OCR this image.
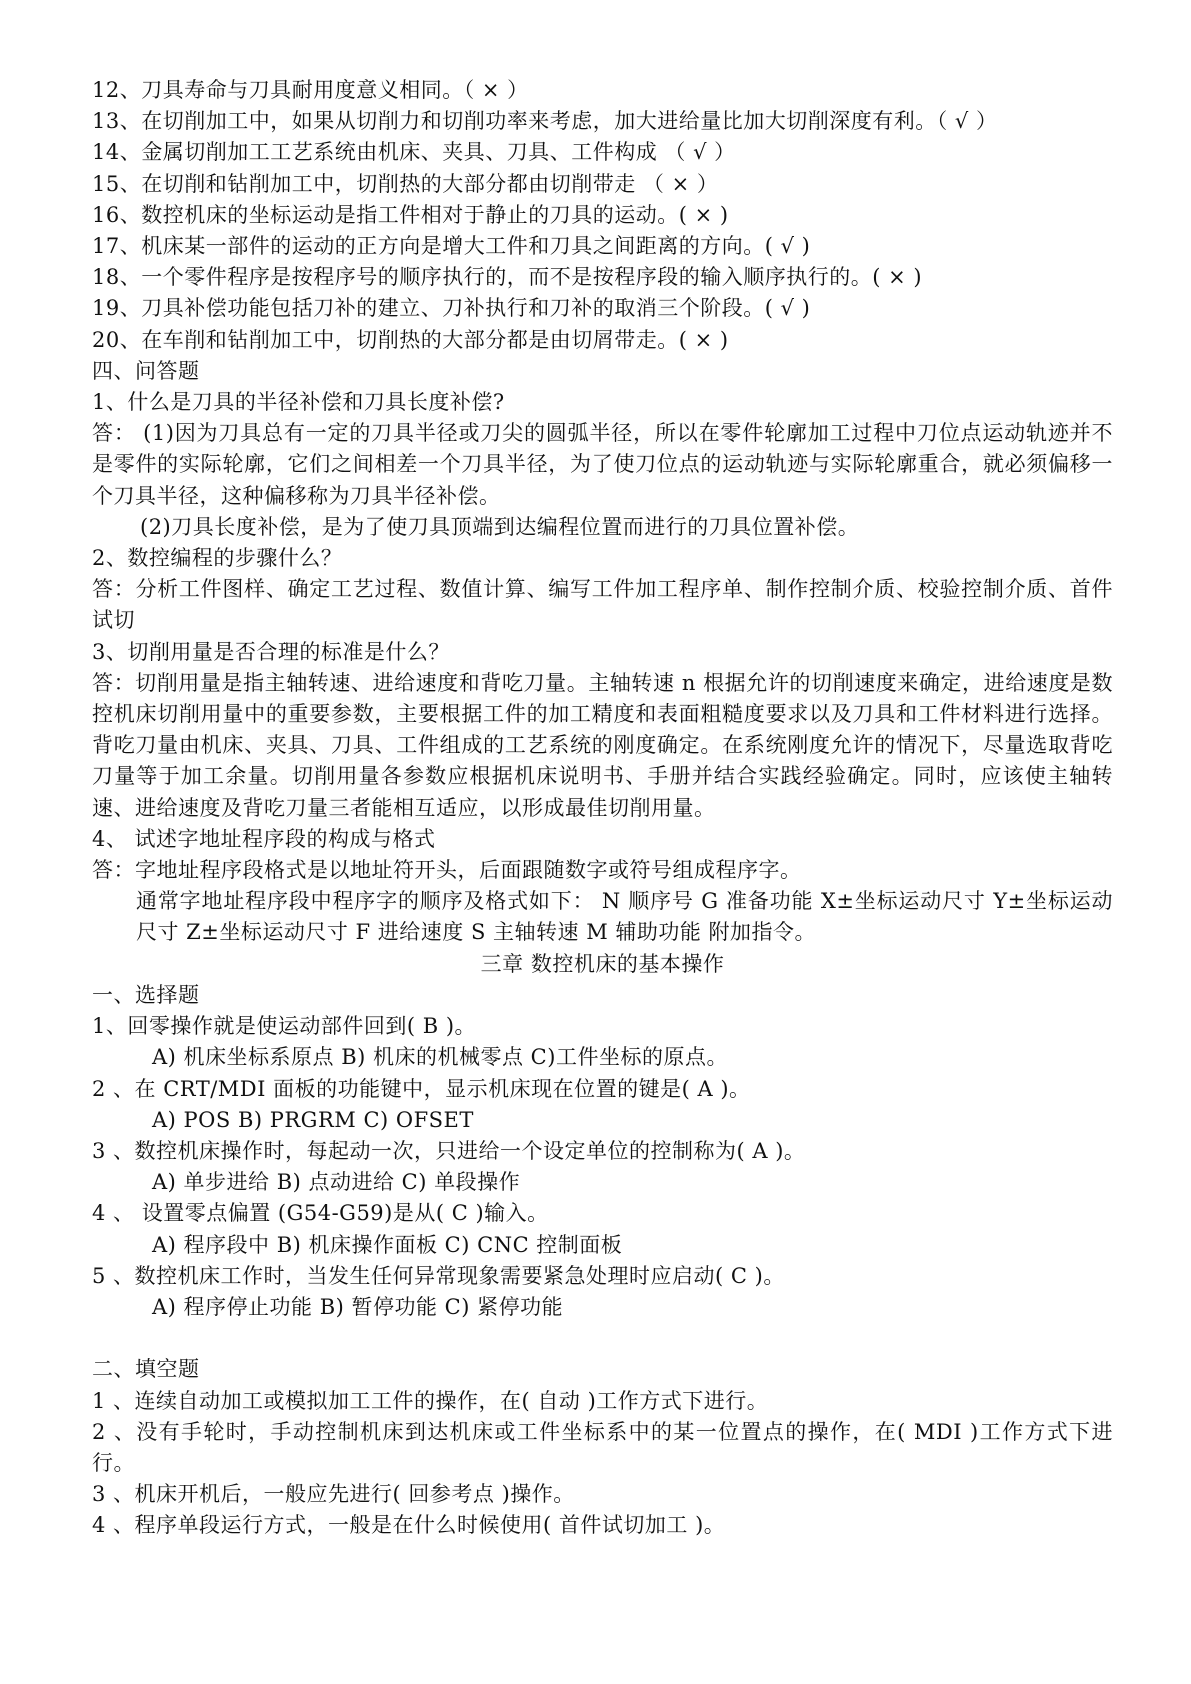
12、刀具寿命与刀具耐用度意义相同。（ × ）
13、在切削加工中，如果从切削力和切削功率来考虑，加大进给量比加大切削深度有利。（ √ ）
14、金属切削加工工艺系统由机床、夹具、刀具、工件构成 （ √ ）
15、在切削和钻削加工中，切削热的大部分都由切削带走 （ × ）
16、数控机床的坐标运动是指工件相对于静止的刀具的运动。( × )
17、机床某一部件的运动的正方向是增大工件和刀具之间距离的方向。( √ )
18、一个零件程序是按程序号的顺序执行的，而不是按程序段的输入顺序执行的。( × )
19、刀具补偿功能包括刀补的建立、刀补执行和刀补的取消三个阶段。( √ )
20、在车削和钻削加工中，切削热的大部分都是由切屑带走。( × )
四、问答题
1、什么是刀具的半径补偿和刀具长度补偿?
答： (1)因为刀具总有一定的刀具半径或刀尖的圆弧半径，所以在零件轮廓加工过程中刀位点运动轨迹并不是零件的实际轮廓，它们之间相差一个刀具半径，为了使刀位点的运动轨迹与实际轮廓重合，就必须偏移一个刀具半径，这种偏移称为刀具半径补偿。
(2)刀具长度补偿，是为了使刀具顶端到达编程位置而进行的刀具位置补偿。
2、数控编程的步骤什么？
答：分析工件图样、确定工艺过程、数值计算、编写工件加工程序单、制作控制介质、校验控制介质、首件试切
3、切削用量是否合理的标准是什么？
答：切削用量是指主轴转速、进给速度和背吃刀量。主轴转速 n 根据允许的切削速度来确定，进给速度是数控机床切削用量中的重要参数，主要根据工件的加工精度和表面粗糙度要求以及刀具和工件材料进行选择。背吃刀量由机床、夹具、刀具、工件组成的工艺系统的刚度确定。在系统刚度允许的情况下，尽量选取背吃刀量等于加工余量。切削用量各参数应根据机床说明书、手册并结合实践经验确定。同时，应该使主轴转速、进给速度及背吃刀量三者能相互适应，以形成最佳切削用量。
4、 试述字地址程序段的构成与格式
答：字地址程序段格式是以地址符开头，后面跟随数字或符号组成程序字。
通常字地址程序段中程序字的顺序及格式如下： N 顺序号 G 准备功能 X±坐标运动尺寸 Y±坐标运动尺寸 Z±坐标运动尺寸 F 进给速度 S 主轴转速 M 辅助功能 附加指令。
三章 数控机床的基本操作
一、选择题
1、回零操作就是使运动部件回到( B )。
A) 机床坐标系原点 B) 机床的机械零点 C)工件坐标的原点。
2 、在 CRT/MDI 面板的功能键中，显示机床现在位置的键是( A )。
A) POS B) PRGRM C) OFSET
3 、数控机床操作时，每起动一次，只进给一个设定单位的控制称为( A )。
A) 单步进给 B) 点动进给 C) 单段操作
4 、 设置零点偏置 (G54-G59)是从( C )输入。
A) 程序段中 B) 机床操作面板 C) CNC 控制面板
5 、数控机床工作时，当发生任何异常现象需要紧急处理时应启动( C )。
A) 程序停止功能 B) 暂停功能 C) 紧停功能
二、填空题
1 、连续自动加工或模拟加工工件的操作，在( 自动 )工作方式下进行。
2 、没有手轮时，手动控制机床到达机床或工件坐标系中的某一位置点的操作，在( MDI )工作方式下进行。
3 、机床开机后，一般应先进行( 回参考点 )操作。
4 、程序单段运行方式，一般是在什么时候使用( 首件试切加工 )。
